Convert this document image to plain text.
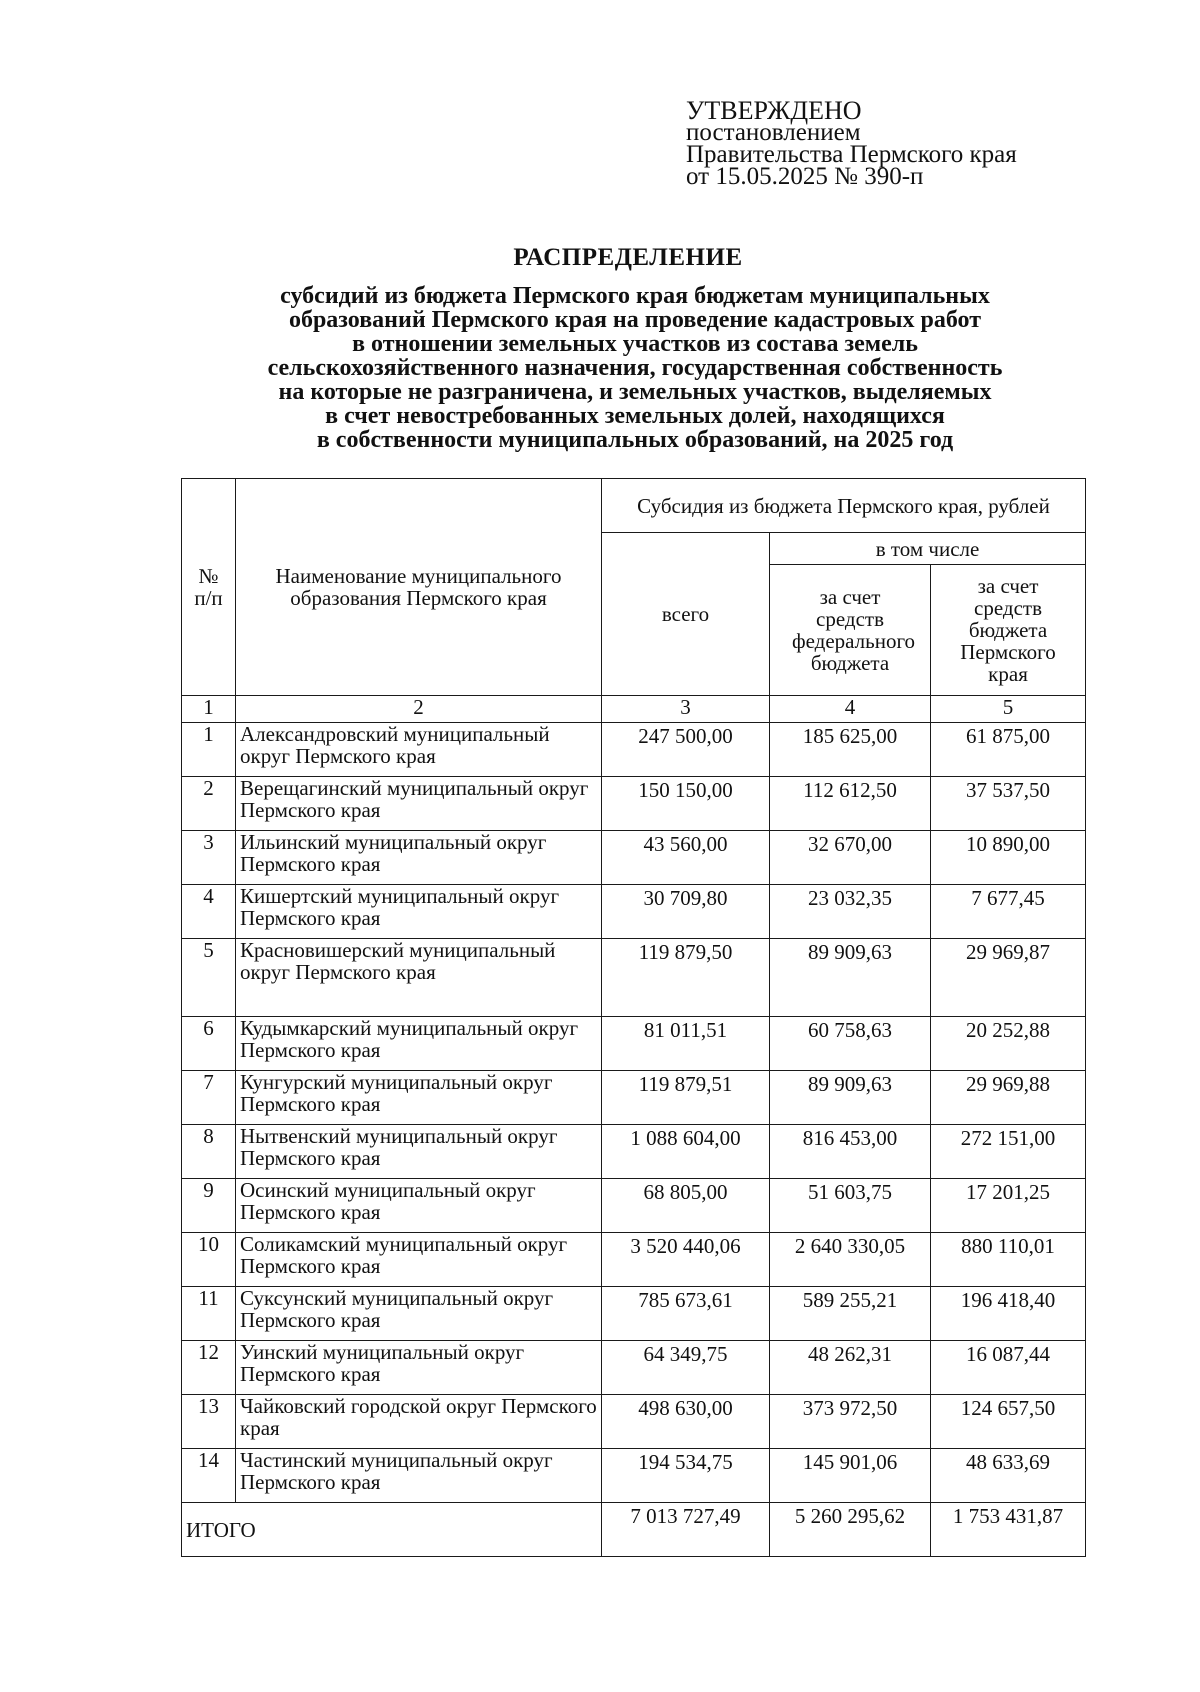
УТВЕРЖДЕНО
постановлением
Правительства Пермского края
от 15.05.2025 № 390-п
РАСПРЕДЕЛЕНИЕ
субсидий из бюджета Пермского края бюджетам муниципальных
образований Пермского края на проведение кадастровых работ
в отношении земельных участков из состава земель
сельскохозяйственного назначения, государственная собственность
на которые не разграничена, и земельных участков, выделяемых
в счет невостребованных земельных долей, находящихся
в собственности муниципальных образований, на 2025 год
№
п/п	Наименование муниципального образования Пермского края	Субсидия из бюджета Пермского края, рублей		
		всего	в том числе	
			за счет средств федерального бюджета	за счет средств бюджета Пермского края
1	2	3	4	5
1	Александровский муниципальный округ Пермского края	247 500,00	185 625,00	61 875,00
2	Верещагинский муниципальный округ Пермского края	150 150,00	112 612,50	37 537,50
3	Ильинский муниципальный округ Пермского края	43 560,00	32 670,00	10 890,00
4	Кишертский муниципальный округ Пермского края	30 709,80	23 032,35	7 677,45
5	Красновишерский муниципальный округ Пермского края	119 879,50	89 909,63	29 969,87
6	Кудымкарский муниципальный округ Пермского края	81 011,51	60 758,63	20 252,88
7	Кунгурский муниципальный округ Пермского края	119 879,51	89 909,63	29 969,88
8	Нытвенский муниципальный округ Пермского края	1 088 604,00	816 453,00	272 151,00
9	Осинский муниципальный округ Пермского края	68 805,00	51 603,75	17 201,25
10	Соликамский муниципальный округ Пермского края	3 520 440,06	2 640 330,05	880 110,01
11	Суксунский муниципальный округ Пермского края	785 673,61	589 255,21	196 418,40
12	Уинский муниципальный округ Пермского края	64 349,75	48 262,31	16 087,44
13	Чайковский городской округ Пермского края	498 630,00	373 972,50	124 657,50
14	Частинский муниципальный округ Пермского края	194 534,75	145 901,06	48 633,69
ИТОГО		7 013 727,49	5 260 295,62	1 753 431,87
